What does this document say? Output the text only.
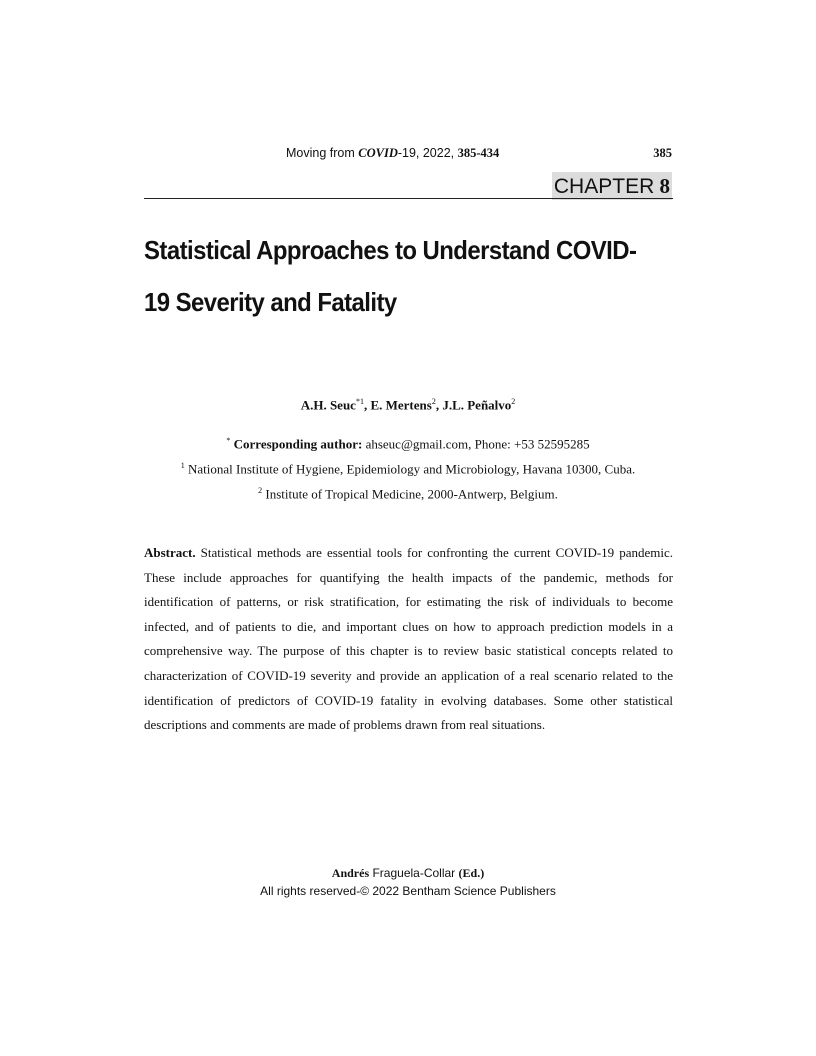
Moving from COVID-19, 2022, 385-434	385
CHAPTER 8
Statistical Approaches to Understand COVID-19 Severity and Fatality
A.H. Seuc$^{*1}$, E. Mertens$^2$, J.L. Peñalvo$^2$
* Corresponding author: ahseuc@gmail.com, Phone: +53 52595285
$^1$ National Institute of Hygiene, Epidemiology and Microbiology, Havana 10300, Cuba.
$^2$ Institute of Tropical Medicine, 2000-Antwerp, Belgium.

Abstract. Statistical methods are essential tools for confronting the current COVID-19 pandemic. These include approaches for quantifying the health impacts of the pandemic, methods for identification of patterns, or risk stratification, for estimating the risk of individuals to become infected, and of patients to die, and important clues on how to approach prediction models in a comprehensive way. The purpose of this chapter is to review basic statistical concepts related to characterization of COVID-19 severity and provide an application of a real scenario related to the identification of predictors of COVID-19 fatality in evolving databases. Some other statistical descriptions and comments are made of problems drawn from real situations.

Andrés Fraguela-Collar (Ed.)
All rights reserved-© 2022 Bentham Science Publishers
